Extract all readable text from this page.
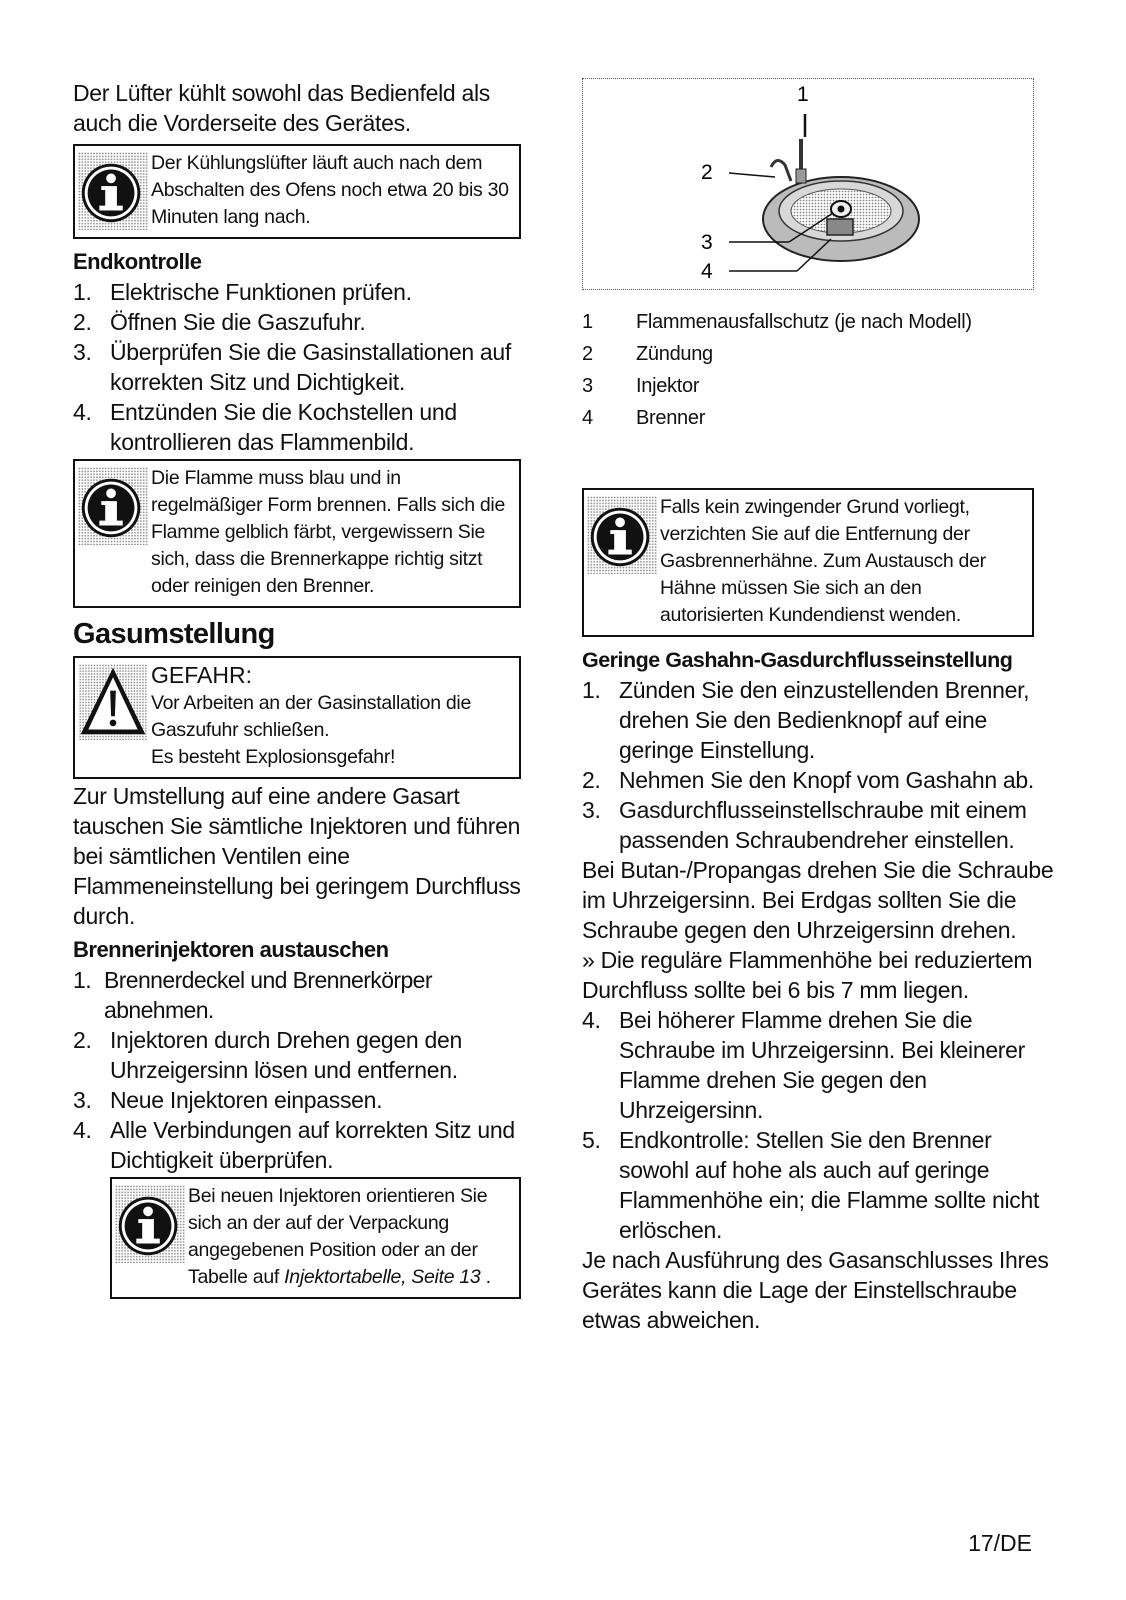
Der Lüfter kühlt sowohl das Bedienfeld als auch die Vorderseite des Gerätes.

Der Kühlungslüfter läuft auch nach dem Abschalten des Ofens noch etwa 20 bis 30 Minuten lang nach.

Endkontrolle

1. Elektrische Funktionen prüfen.
2. Öffnen Sie die Gaszufuhr.
3. Überprüfen Sie die Gasinstallationen auf korrekten Sitz und Dichtigkeit.
4. Entzünden Sie die Kochstellen und kontrollieren das Flammenbild.
Die Flamme muss blau und in regelmäßiger Form brennen. Falls sich die Flamme gelblich färbt, vergewissern Sie sich, dass die Brennerkappe richtig sitzt oder reinigen den Brenner.

Gasumstellung

GEFAHR:
Vor Arbeiten an der Gasinstallation die Gaszufuhr schließen.
Es besteht Explosionsgefahr!

Zur Umstellung auf eine andere Gasart tauschen Sie sämtliche Injektoren und führen bei sämtlichen Ventilen eine Flammeneinstellung bei geringem Durchfluss durch.

Brennerinjektoren austauschen

1. Brennerdeckel und Brennerkörper abnehmen.
2. Injektoren durch Drehen gegen den Uhrzeigersinn lösen und entfernen.
3. Neue Injektoren einpassen.
4. Alle Verbindungen auf korrekten Sitz und Dichtigkeit überprüfen.
Bei neuen Injektoren orientieren Sie sich an der auf der Verpackung angegebenen Position oder an der Tabelle auf Injektortabelle, Seite 13 .
1
2
3
4
1	Flammenausfallschutz (je nach Modell)
2	Zündung
3	Injektor
4	Brenner
Falls kein zwingender Grund vorliegt, verzichten Sie auf die Entfernung der Gasbrennerhähne. Zum Austausch der Hähne müssen Sie sich an den autorisierten Kundendienst wenden.

Geringe Gashahn-Gasdurchflusseinstellung

1. Zünden Sie den einzustellenden Brenner, drehen Sie den Bedienknopf auf eine geringe Einstellung.
2. Nehmen Sie den Knopf vom Gashahn ab.
3. Gasdurchflusseinstellschraube mit einem passenden Schraubendreher einstellen.

Bei Butan-/Propangas drehen Sie die Schraube im Uhrzeigersinn. Bei Erdgas sollten Sie die Schraube gegen den Uhrzeigersinn drehen.

» Die reguläre Flammenhöhe bei reduziertem Durchfluss sollte bei 6 bis 7 mm liegen.

4. Bei höherer Flamme drehen Sie die Schraube im Uhrzeigersinn. Bei kleinerer Flamme drehen Sie gegen den Uhrzeigersinn.
5. Endkontrolle: Stellen Sie den Brenner sowohl auf hohe als auch auf geringe Flammenhöhe ein; die Flamme sollte nicht erlöschen.

Je nach Ausführung des Gasanschlusses Ihres Gerätes kann die Lage der Einstellschraube etwas abweichen.

17/DE
